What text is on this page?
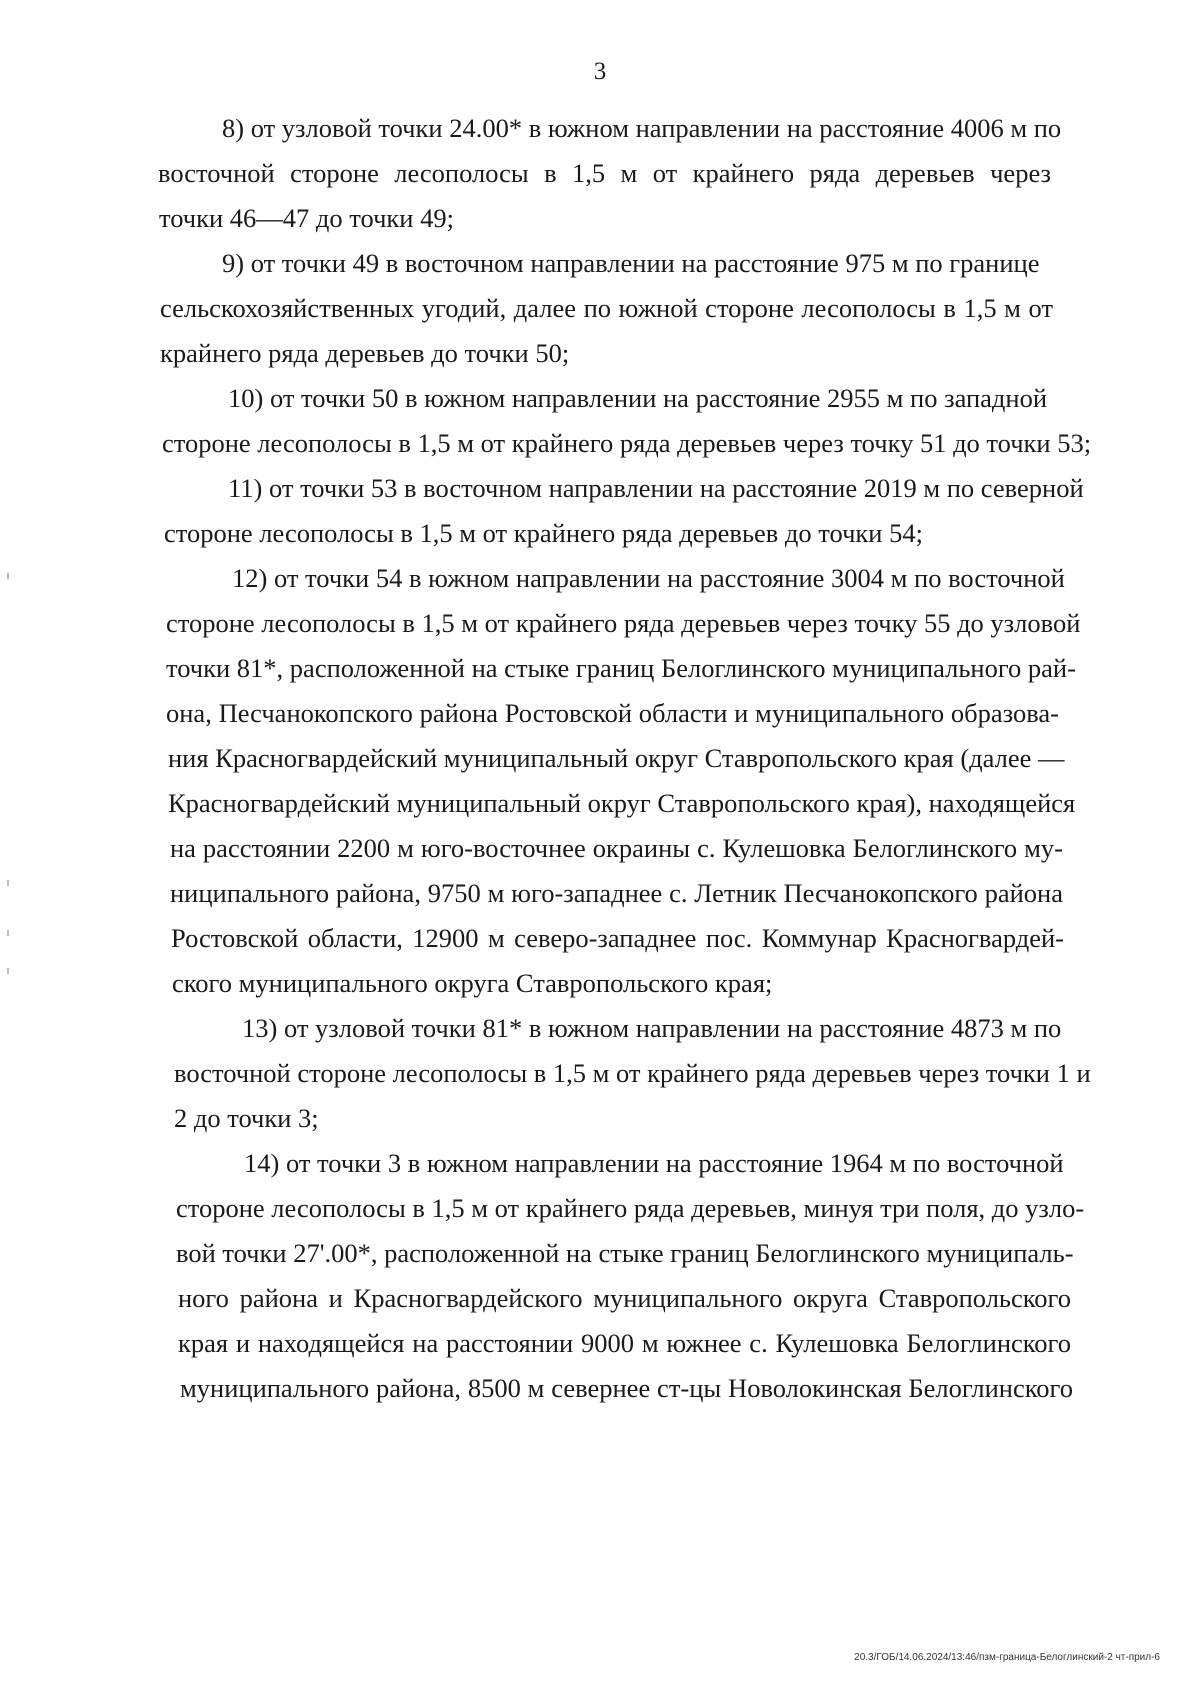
3
8) от узловой точки 24.00* в южном направлении на расстояние 4006 м по
восточной стороне лесополосы в 1,5 м от крайнего ряда деревьев через
точки 46—47 до точки 49;
9) от точки 49 в восточном направлении на расстояние 975 м по границе
сельскохозяйственных угодий, далее по южной стороне лесополосы в 1,5 м от
крайнего ряда деревьев до точки 50;
10) от точки 50 в южном направлении на расстояние 2955 м по западной
стороне лесополосы в 1,5 м от крайнего ряда деревьев через точку 51 до точки 53;
11) от точки 53 в восточном направлении на расстояние 2019 м по северной
стороне лесополосы в 1,5 м от крайнего ряда деревьев до точки 54;
12) от точки 54 в южном направлении на расстояние 3004 м по восточной
стороне лесополосы в 1,5 м от крайнего ряда деревьев через точку 55 до узловой
точки 81*, расположенной на стыке границ Белоглинского муниципального рай-
она, Песчанокопского района Ростовской области и муниципального образова-
ния Красногвардейский муниципальный округ Ставропольского края (далее —
Красногвардейский муниципальный округ Ставропольского края), находящейся
на расстоянии 2200 м юго-восточнее окраины с. Кулешовка Белоглинского му-
ниципального района, 9750 м юго-западнее с. Летник Песчанокопского района
Ростовской области, 12900 м северо-западнее пос. Коммунар Красногвардей-
ского муниципального округа Ставропольского края;
13) от узловой точки 81* в южном направлении на расстояние 4873 м по
восточной стороне лесополосы в 1,5 м от крайнего ряда деревьев через точки 1 и
2 до точки 3;
14) от точки 3 в южном направлении на расстояние 1964 м по восточной
стороне лесополосы в 1,5 м от крайнего ряда деревьев, минуя три поля, до узло-
вой точки 27'.00*, расположенной на стыке границ Белоглинского муниципаль-
ного района и Красногвардейского муниципального округа Ставропольского
края и находящейся на расстоянии 9000 м южнее с. Кулешовка Белоглинского
муниципального района, 8500 м севернее ст-цы Новолокинская Белоглинского
20.3/ГОБ/14.06.2024/13:46/пзм-граница-Белоглинский-2 чт-прил-6
